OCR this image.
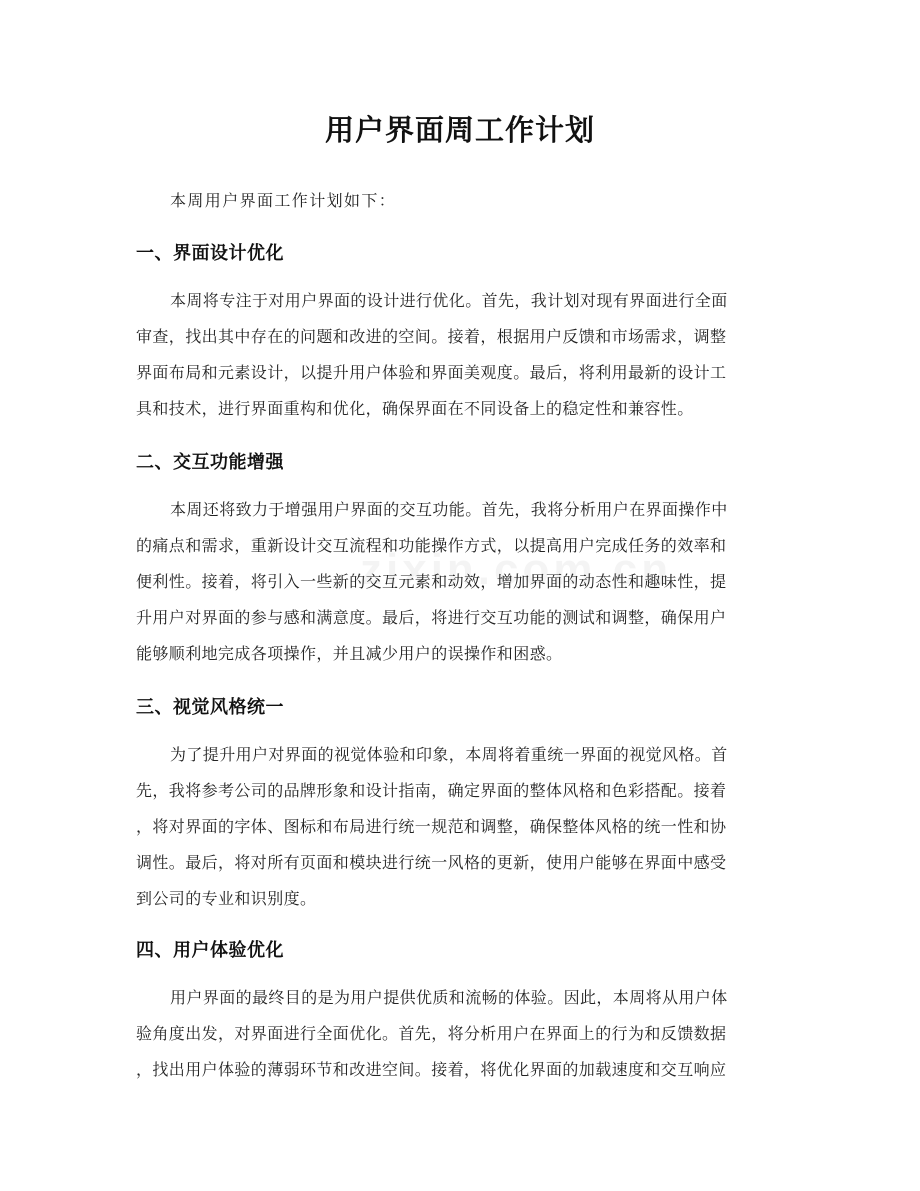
用户界面周工作计划
本周用户界面工作计划如下：
一、界面设计优化
本周将专注于对用户界面的设计进行优化。首先，我计划对现有界面进行全面
审查，找出其中存在的问题和改进的空间。接着，根据用户反馈和市场需求，调整
界面布局和元素设计，以提升用户体验和界面美观度。最后，将利用最新的设计工
具和技术，进行界面重构和优化，确保界面在不同设备上的稳定性和兼容性。
二、交互功能增强
本周还将致力于增强用户界面的交互功能。首先，我将分析用户在界面操作中
的痛点和需求，重新设计交互流程和功能操作方式，以提高用户完成任务的效率和
便利性。接着，将引入一些新的交互元素和动效，增加界面的动态性和趣味性，提
升用户对界面的参与感和满意度。最后，将进行交互功能的测试和调整，确保用户
能够顺利地完成各项操作，并且减少用户的误操作和困惑。
三、视觉风格统一
为了提升用户对界面的视觉体验和印象，本周将着重统一界面的视觉风格。首
先，我将参考公司的品牌形象和设计指南，确定界面的整体风格和色彩搭配。接着
，将对界面的字体、图标和布局进行统一规范和调整，确保整体风格的统一性和协
调性。最后，将对所有页面和模块进行统一风格的更新，使用户能够在界面中感受
到公司的专业和识别度。
四、用户体验优化
用户界面的最终目的是为用户提供优质和流畅的体验。因此，本周将从用户体
验角度出发，对界面进行全面优化。首先，将分析用户在界面上的行为和反馈数据
，找出用户体验的薄弱环节和改进空间。接着，将优化界面的加载速度和交互响应
